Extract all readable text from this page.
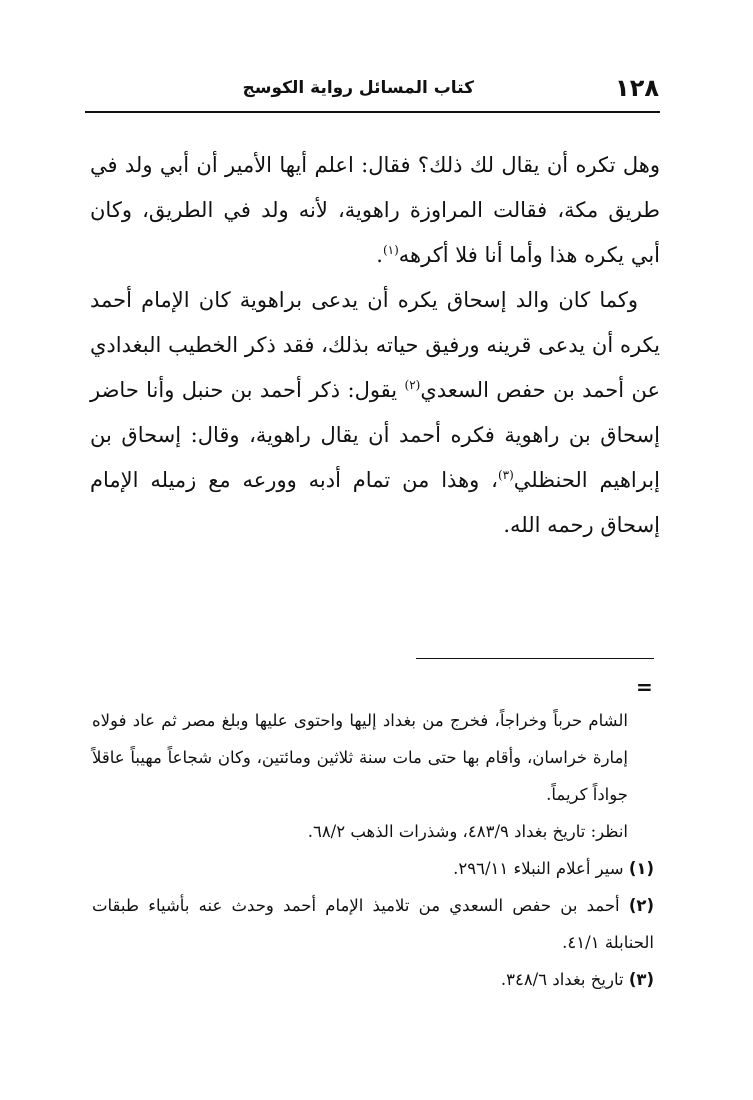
١٢٨
كتاب المسائل رواية الكوسج

وهل تكره أن يقال لك ذلك؟ فقال: اعلم أيها الأمير أن أبي ولد في طريق مكة، فقالت المراوزة راهوية، لأنه ولد في الطريق، وكان أبي يكره هذا وأما أنا فلا أكرهه$^{(١)}$.

وكما كان والد إسحاق يكره أن يدعى براهوية كان الإمام أحمد يكره أن يدعى قرينه ورفيق حياته بذلك، فقد ذكر الخطيب البغدادي عن أحمد بن حفص السعدي$^{(٢)}$ يقول: ذكر أحمد بن حنبل وأنا حاضر إسحاق بن راهوية فكره أحمد أن يقال راهوية، وقال: إسحاق بن إبراهيم الحنظلي$^{(٣)}$، وهذا من تمام أدبه وورعه مع زميله الإمام إسحاق رحمه الله.

=

الشام حرباً وخراجاً، فخرج من بغداد إليها واحتوى عليها وبلغ مصر ثم عاد فولاه إمارة خراسان، وأقام بها حتى مات سنة ثلاثين ومائتين، وكان شجاعاً مهيباً عاقلاً جواداً كريماً.

انظر: تاريخ بغداد ٤٨٣/٩، وشذرات الذهب ٦٨/٢.

(١) سير أعلام النبلاء ٢٩٦/١١.

(٢) أحمد بن حفص السعدي من تلاميذ الإمام أحمد وحدث عنه بأشياء طبقات الحنابلة ٤١/١.

(٣) تاريخ بغداد ٣٤٨/٦.
